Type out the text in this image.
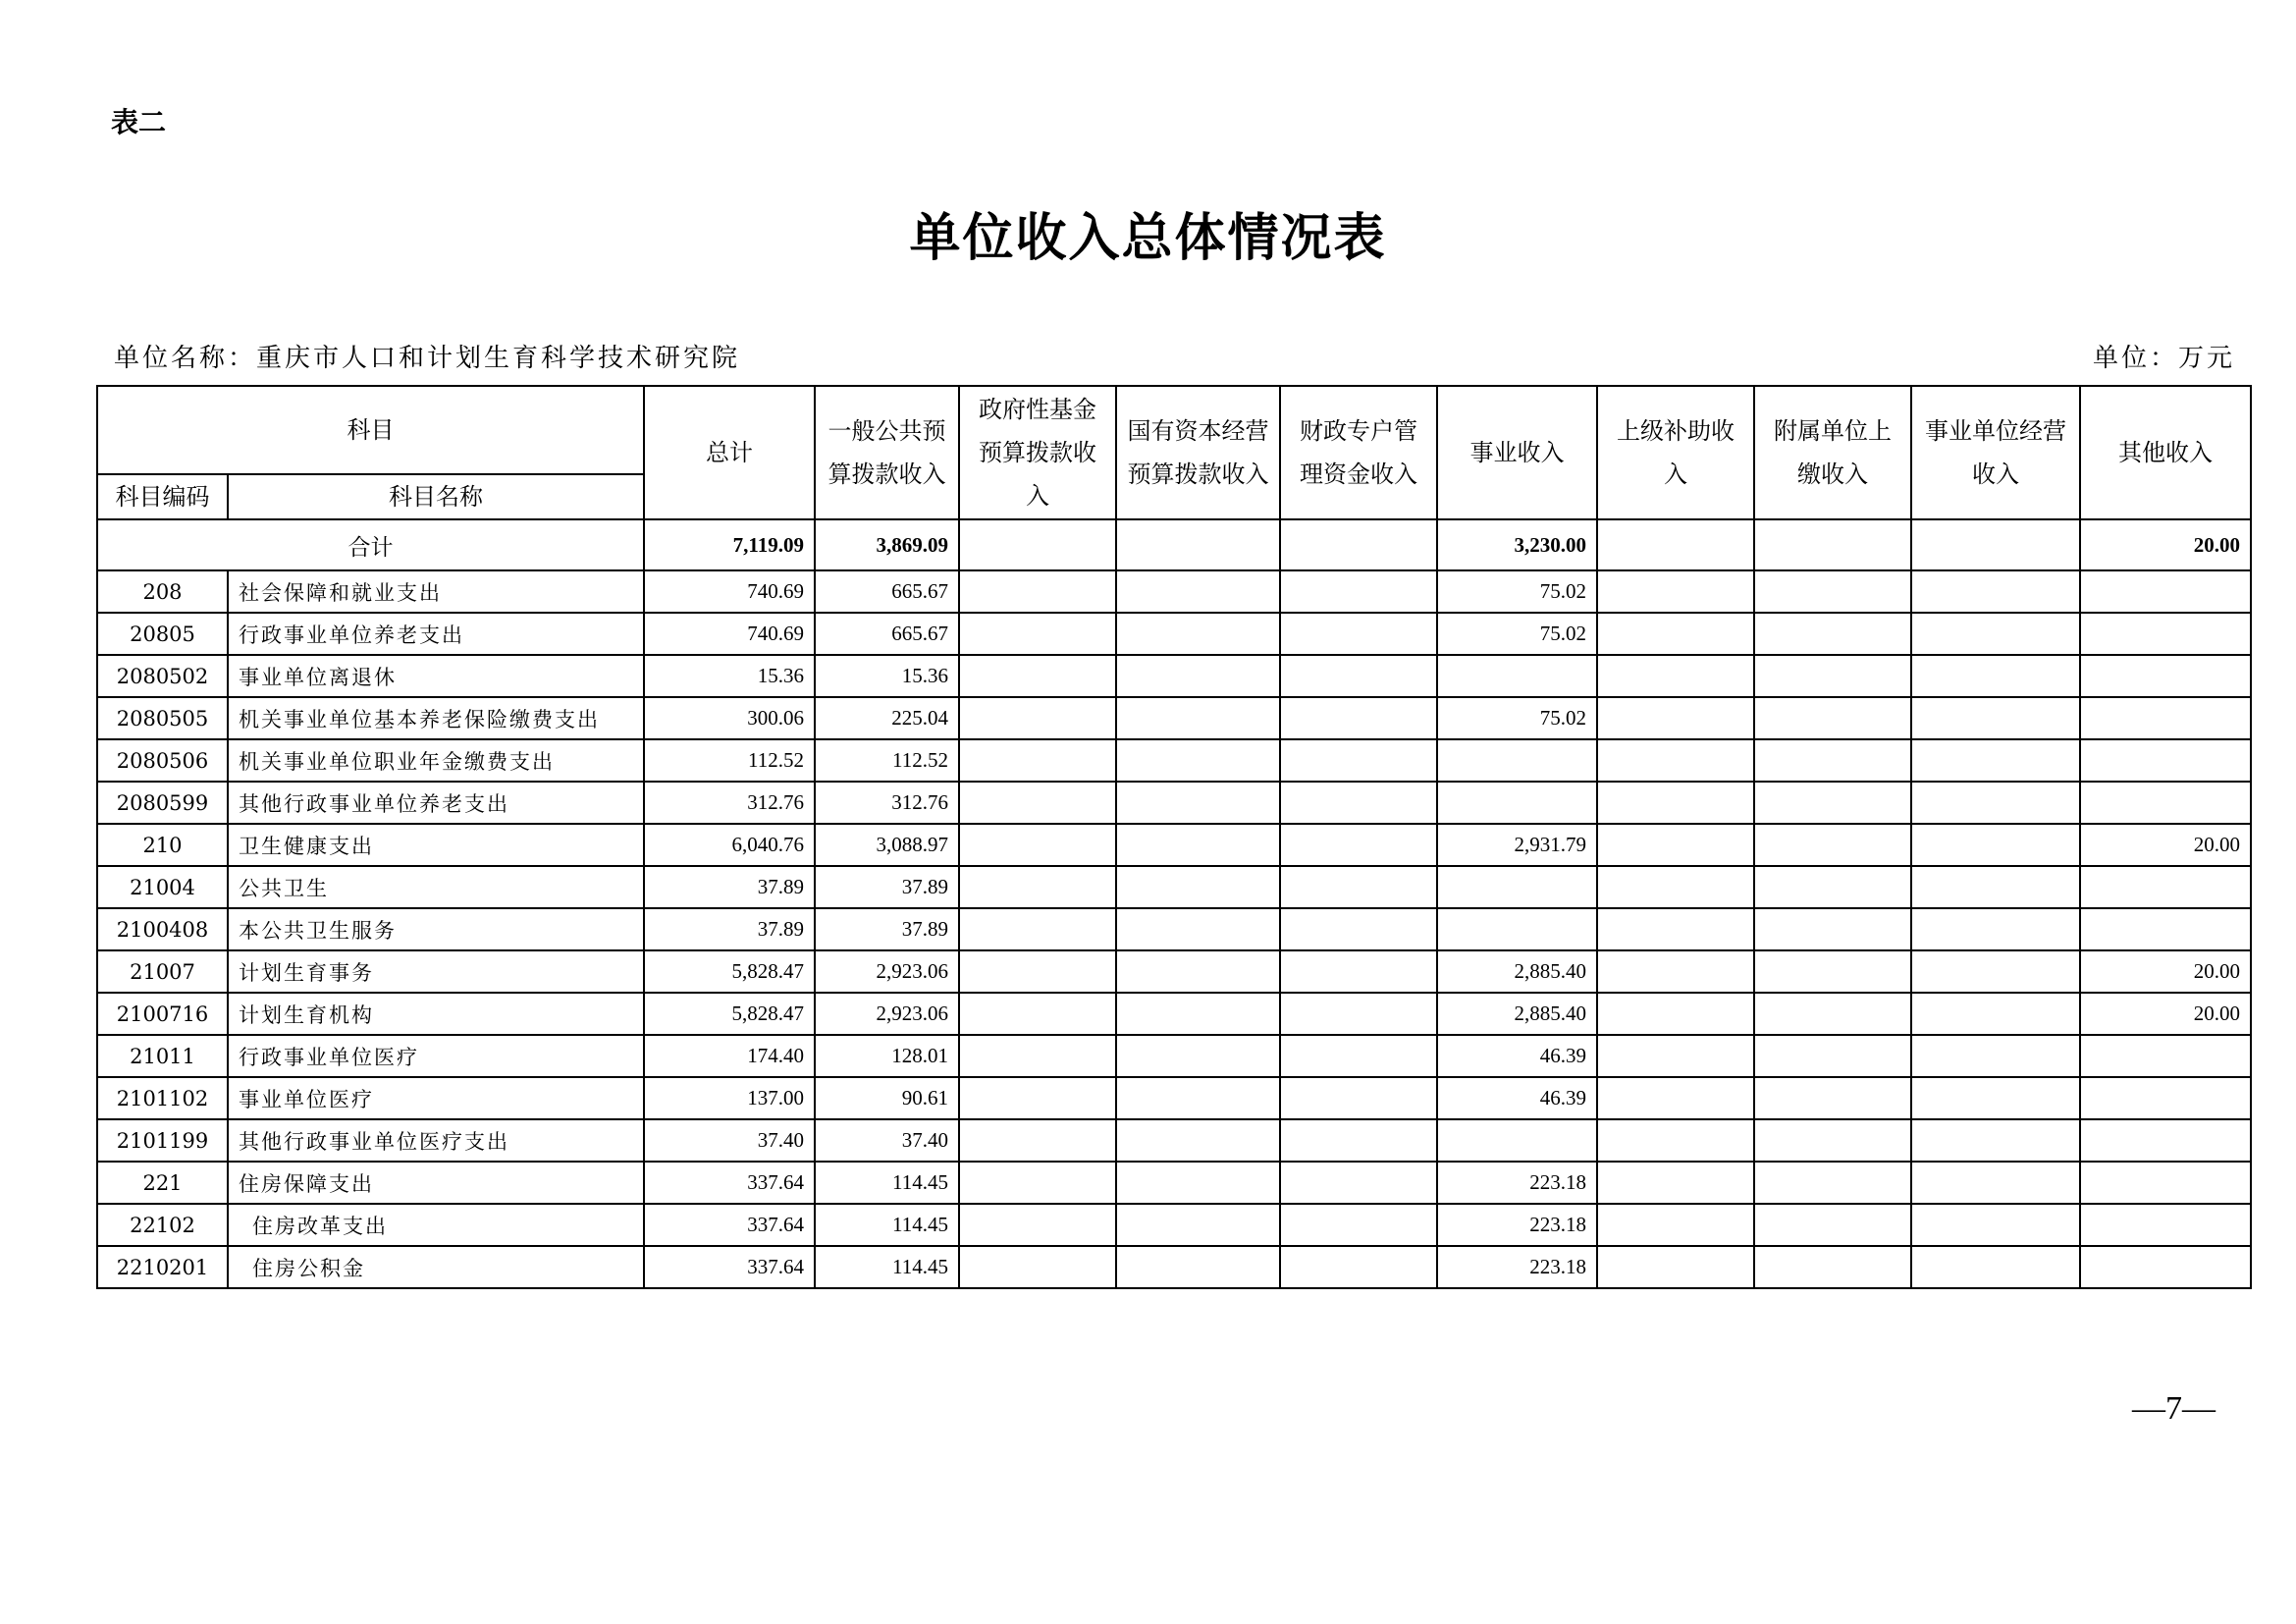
表二
单位收入总体情况表
单位名称：重庆市人口和计划生育科学技术研究院	单位：万元
科目		总计	一般公共预算拨款收入	政府性基金预算拨款收入	国有资本经营预算拨款收入	财政专户管理资金收入	事业收入	上级补助收入	附属单位上缴收入	事业单位经营收入	其他收入
科目编码	科目名称										
合计		7,119.09	3,869.09				3,230.00				20.00
208	社会保障和就业支出	740.69	665.67				75.02				
20805	行政事业单位养老支出	740.69	665.67				75.02				
2080502	事业单位离退休	15.36	15.36								
2080505	机关事业单位基本养老保险缴费支出	300.06	225.04				75.02				
2080506	机关事业单位职业年金缴费支出	112.52	112.52								
2080599	其他行政事业单位养老支出	312.76	312.76								
210	卫生健康支出	6,040.76	3,088.97				2,931.79				20.00
21004	公共卫生	37.89	37.89								
2100408	本公共卫生服务	37.89	37.89								
21007	计划生育事务	5,828.47	2,923.06				2,885.40				20.00
2100716	计划生育机构	5,828.47	2,923.06				2,885.40				20.00
21011	行政事业单位医疗	174.40	128.01				46.39				
2101102	事业单位医疗	137.00	90.61				46.39				
2101199	其他行政事业单位医疗支出	37.40	37.40								
221	住房保障支出	337.64	114.45				223.18				
22102	住房改革支出	337.64	114.45				223.18				
2210201	住房公积金	337.64	114.45				223.18				
—7—
